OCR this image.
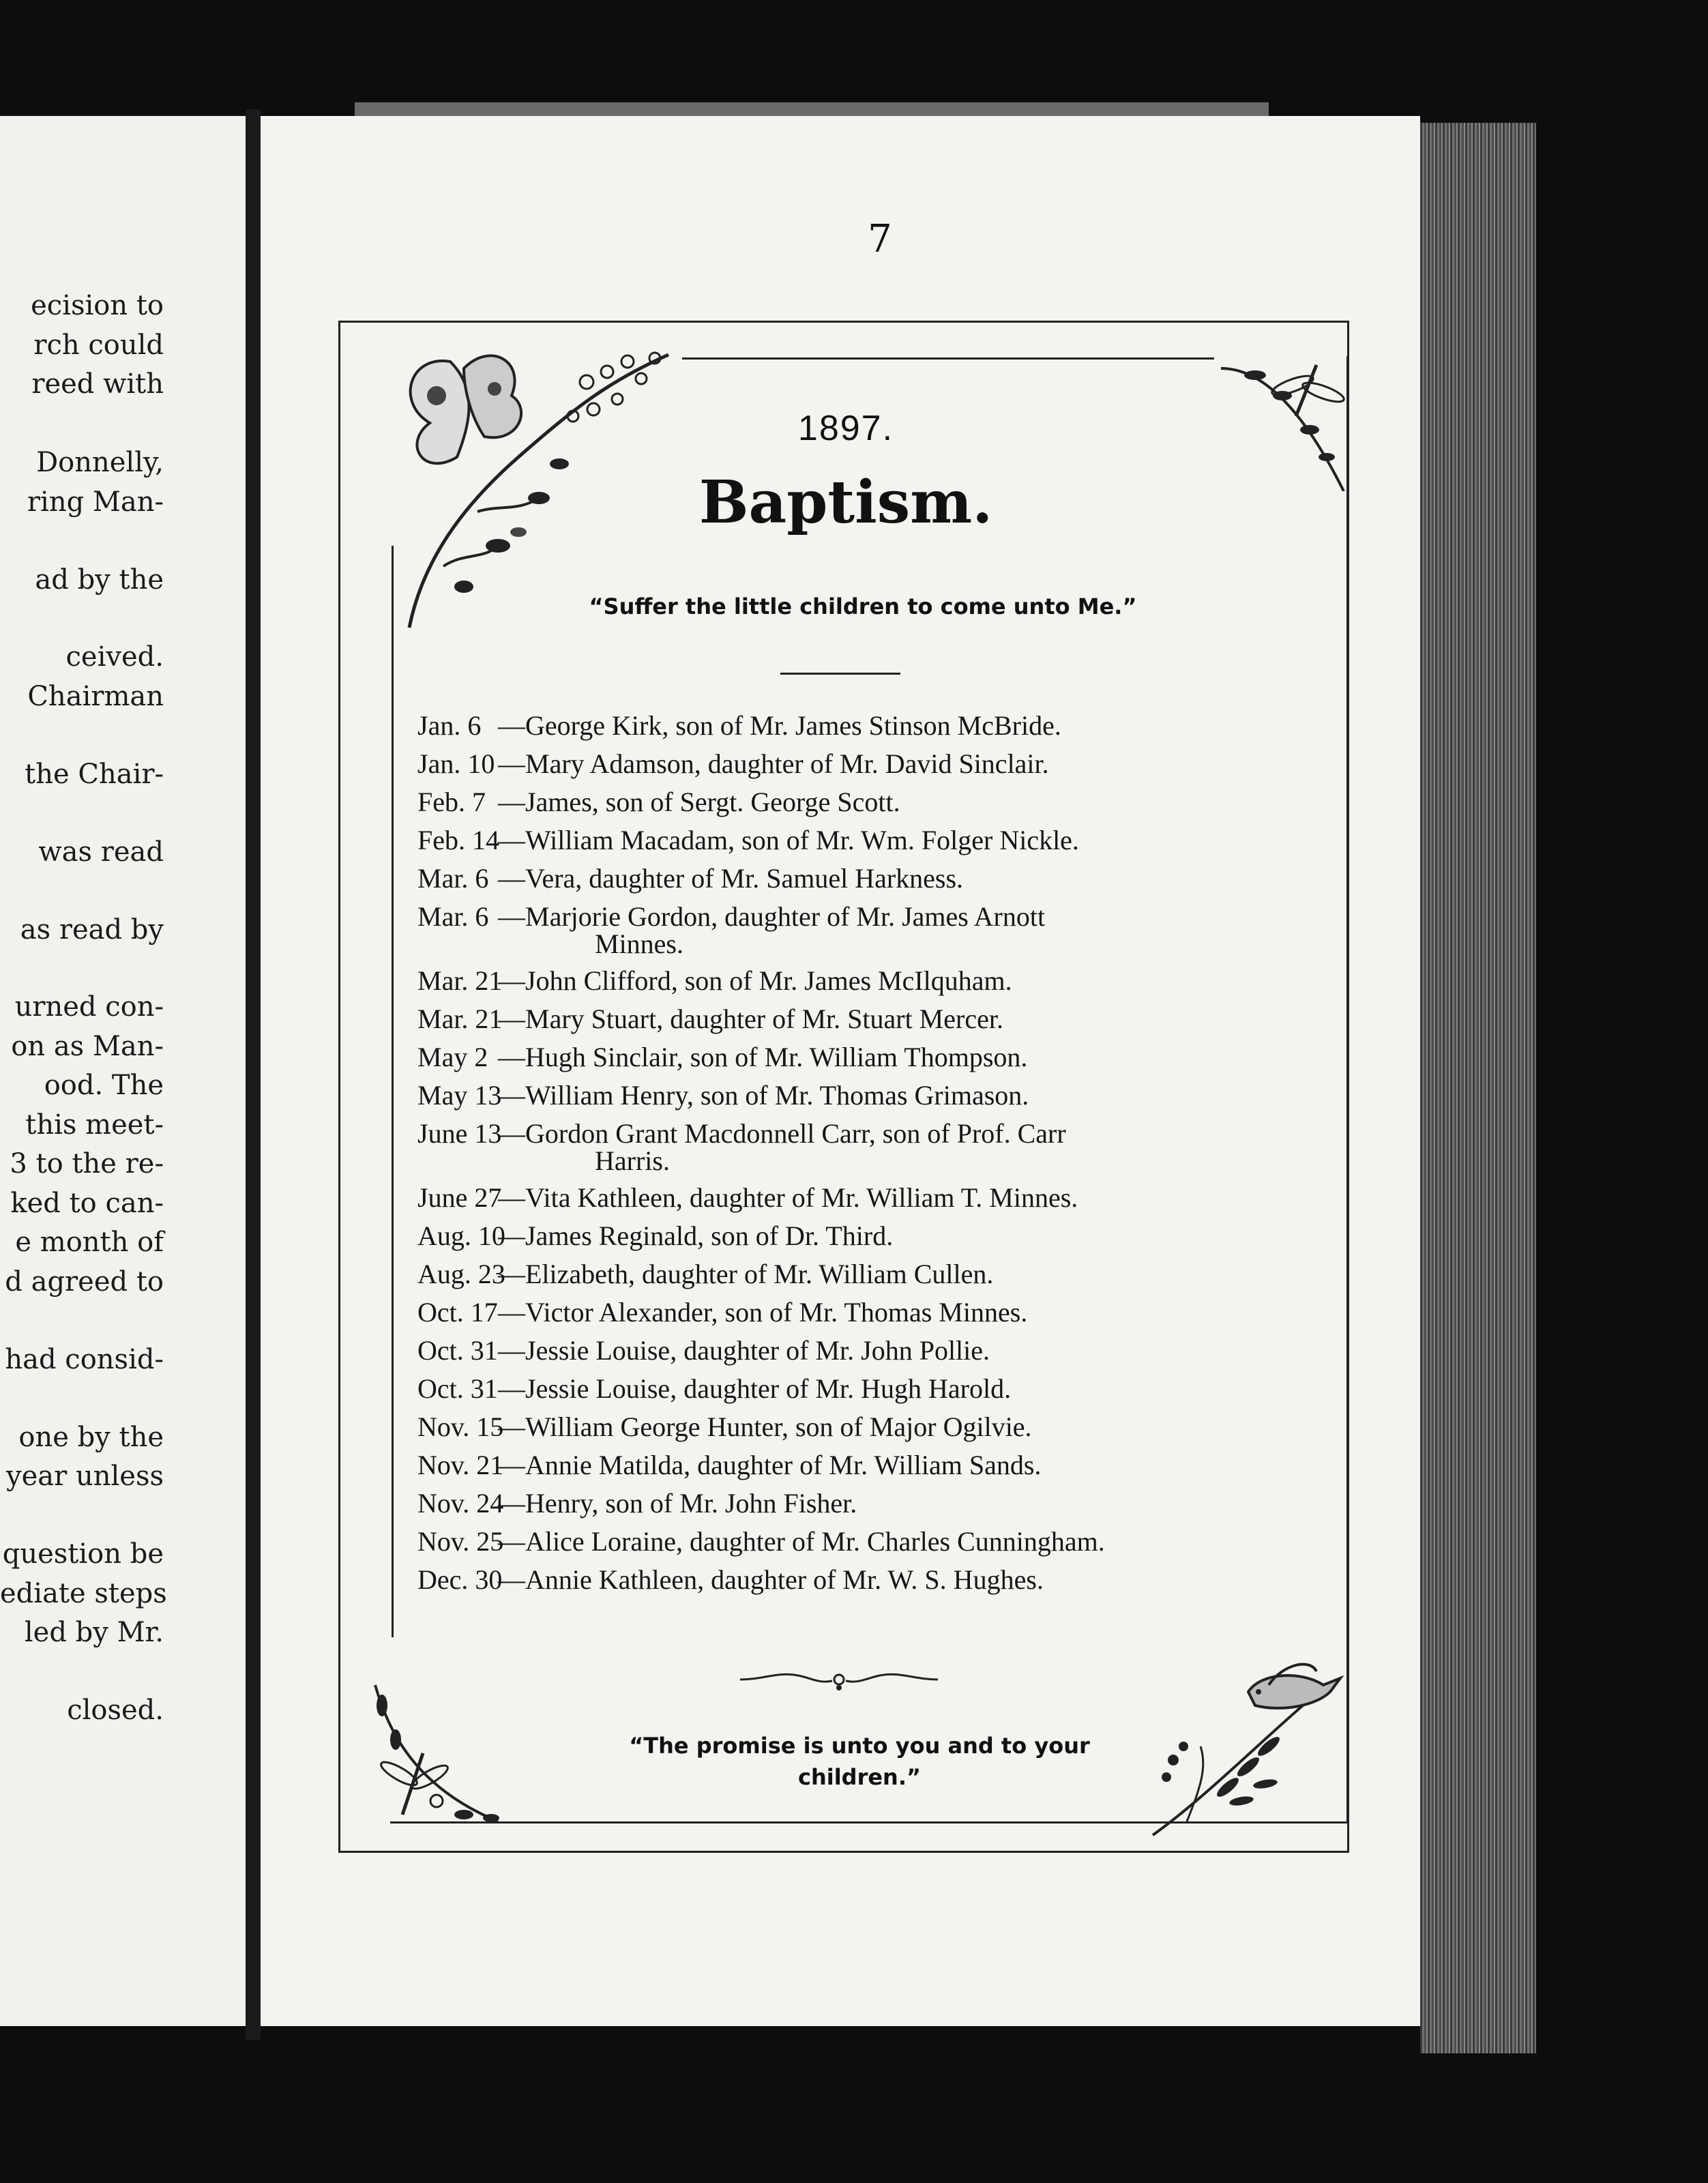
ecision to
rch could
reed with
Donnelly,
ring Man-
ad by the
ceived.
Chairman
the Chair-
was read
as read by
urned con-
on as Man-
ood. The
this meet-
3 to the re-
ked to can-
e month of
d agreed to
had consid-
one by the
year unless
question be
ediate steps
led by Mr.
closed.
7
1897.
Baptism.
“Suffer the little children to come unto Me.”
Jan. 6 —George Kirk, son of Mr. James Stinson McBride.
Jan. 10 —Mary Adamson, daughter of Mr. David Sinclair.
Feb. 7 —James, son of Sergt. George Scott.
Feb. 14—William Macadam, son of Mr. Wm. Folger Nickle.
Mar. 6 —Vera, daughter of Mr. Samuel Harkness.
Mar. 6 —Marjorie Gordon, daughter of Mr. James Arnott
Minnes.
Mar. 21—John Clifford, son of Mr. James McIlquham.
Mar. 21—Mary Stuart, daughter of Mr. Stuart Mercer.
May 2 —Hugh Sinclair, son of Mr. William Thompson.
May 13—William Henry, son of Mr. Thomas Grimason.
June 13—Gordon Grant Macdonnell Carr, son of Prof. Carr
Harris.
June 27—Vita Kathleen, daughter of Mr. William T. Minnes.
Aug. 10—James Reginald, son of Dr. Third.
Aug. 23—Elizabeth, daughter of Mr. William Cullen.
Oct. 17—Victor Alexander, son of Mr. Thomas Minnes.
Oct. 31—Jessie Louise, daughter of Mr. John Pollie.
Oct. 31—Jessie Louise, daughter of Mr. Hugh Harold.
Nov. 15—William George Hunter, son of Major Ogilvie.
Nov. 21—Annie Matilda, daughter of Mr. William Sands.
Nov. 24—Henry, son of Mr. John Fisher.
Nov. 25—Alice Loraine, daughter of Mr. Charles Cunningham.
Dec. 30—Annie Kathleen, daughter of Mr. W. S. Hughes.
“The promise is unto you and to your
children.”
